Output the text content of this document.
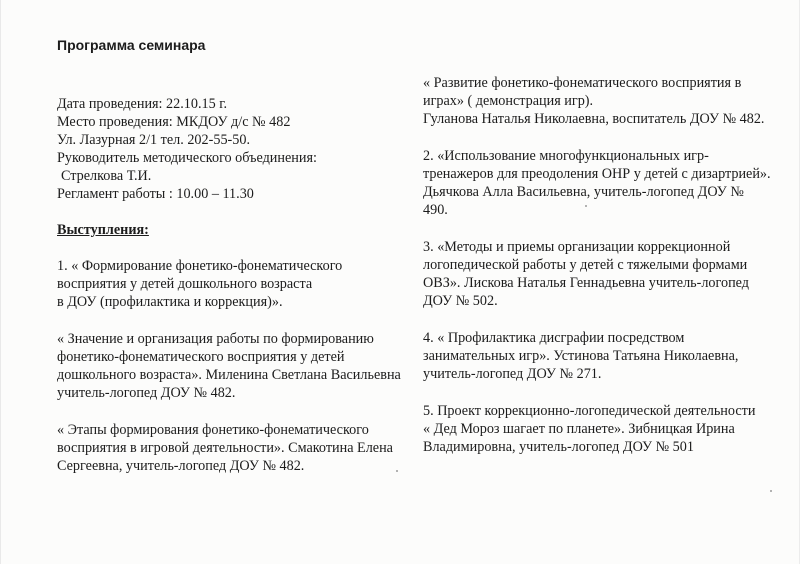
Программа семинара
Дата проведения: 22.10.15 г.
Место проведения: МКДОУ д/с № 482
Ул. Лазурная 2/1 тел. 202-55-50.
Руководитель методического объединения:
Стрелкова Т.И.
Регламент работы : 10.00 – 11.30
Выступления:
1. « Формирование фонетико-фонематического
восприятия у детей дошкольного возраста
в ДОУ (профилактика и коррекция)».
« Значение и организация работы по формированию
фонетико-фонематического восприятия у детей
дошкольного возраста». Миленина Светлана Васильевна
учитель-логопед ДОУ № 482.
« Этапы формирования фонетико-фонематического
восприятия в игровой деятельности». Смакотина Елена
Сергеевна, учитель-логопед ДОУ № 482.
« Развитие фонетико-фонематического восприятия в
играх» ( демонстрация игр).
Гуланова Наталья Николаевна, воспитатель ДОУ № 482.
2. «Использование многофункциональных игр-
тренажеров для преодоления ОНР у детей с дизартрией».
Дьячкова Алла Васильевна, учитель-логопед ДОУ №
490.
3. «Методы и приемы организации коррекционной
логопедической работы у детей с тяжелыми формами
ОВЗ». Лискова Наталья Геннадьевна учитель-логопед
ДОУ № 502.
4. « Профилактика дисграфии посредством
занимательных игр». Устинова Татьяна Николаевна,
учитель-логопед ДОУ № 271.
5. Проект коррекционно-логопедической деятельности
« Дед Мороз шагает по планете». Зибницкая Ирина
Владимировна, учитель-логопед ДОУ № 501
